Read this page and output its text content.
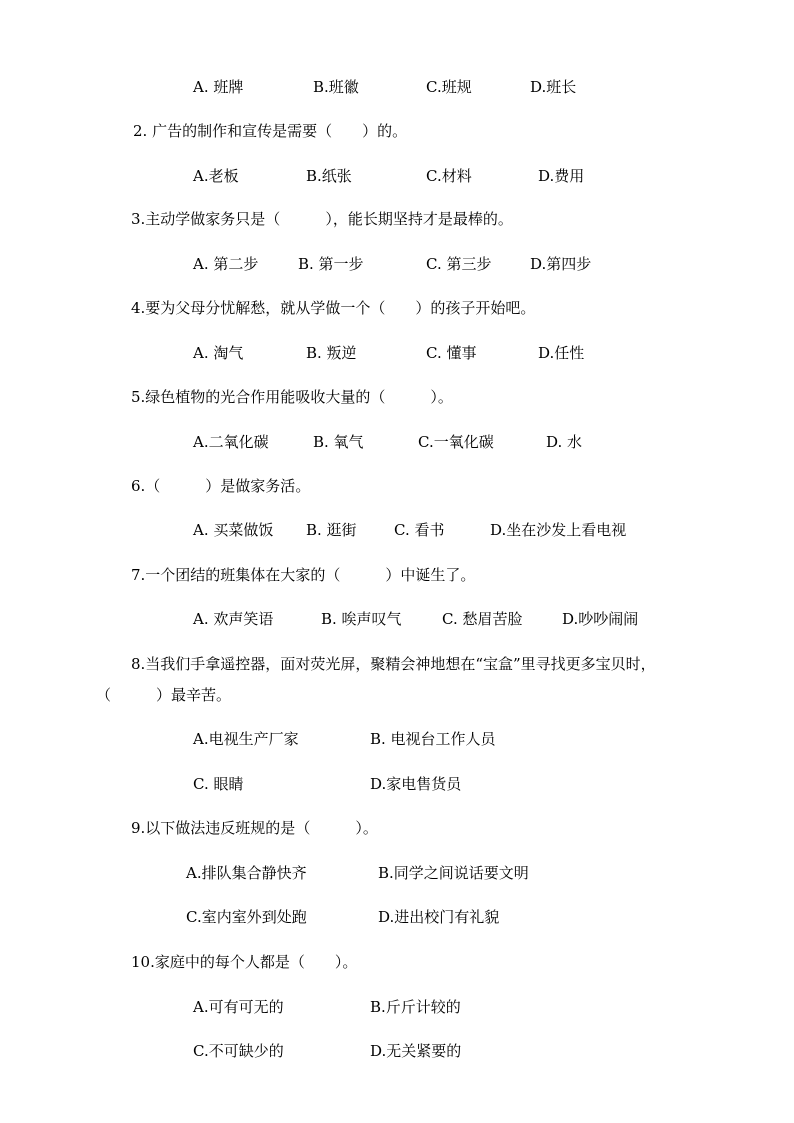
A. 班牌	B.班徽	C.班规	D.班长
2. 广告的制作和宣传是需要（　　）的。
A.老板	B.纸张	C.材料	D.费用
3.主动学做家务只是（　　　），能长期坚持才是最棒的。
A. 第二步	B. 第一步	C. 第三步	D.第四步
4.要为父母分忧解愁，就从学做一个（　　）的孩子开始吧。
A. 淘气	B. 叛逆	C. 懂事	D.任性
5.绿色植物的光合作用能吸收大量的（　　　）。
A.二氧化碳	B. 氧气	C.一氧化碳	D. 水
6.（　　　）是做家务活。
A. 买菜做饭 B. 逛街 C. 看书	D.坐在沙发上看电视
7.一个团结的班集体在大家的（　　　）中诞生了。
A. 欢声笑语	B. 唉声叹气	C. 愁眉苦脸	D.吵吵闹闹
8.当我们手拿遥控器，面对荧光屏，聚精会神地想在“宝盒”里寻找更多宝贝时，
（　　　）最辛苦。
A.电视生产厂家	B. 电视台工作人员
C. 眼睛	D.家电售货员
9.以下做法违反班规的是（　　　）。
A.排队集合静快齐	B.同学之间说话要文明
C.室内室外到处跑	D.进出校门有礼貌
10.家庭中的每个人都是（　　）。
A.可有可无的	B.斤斤计较的
C.不可缺少的	D.无关紧要的
